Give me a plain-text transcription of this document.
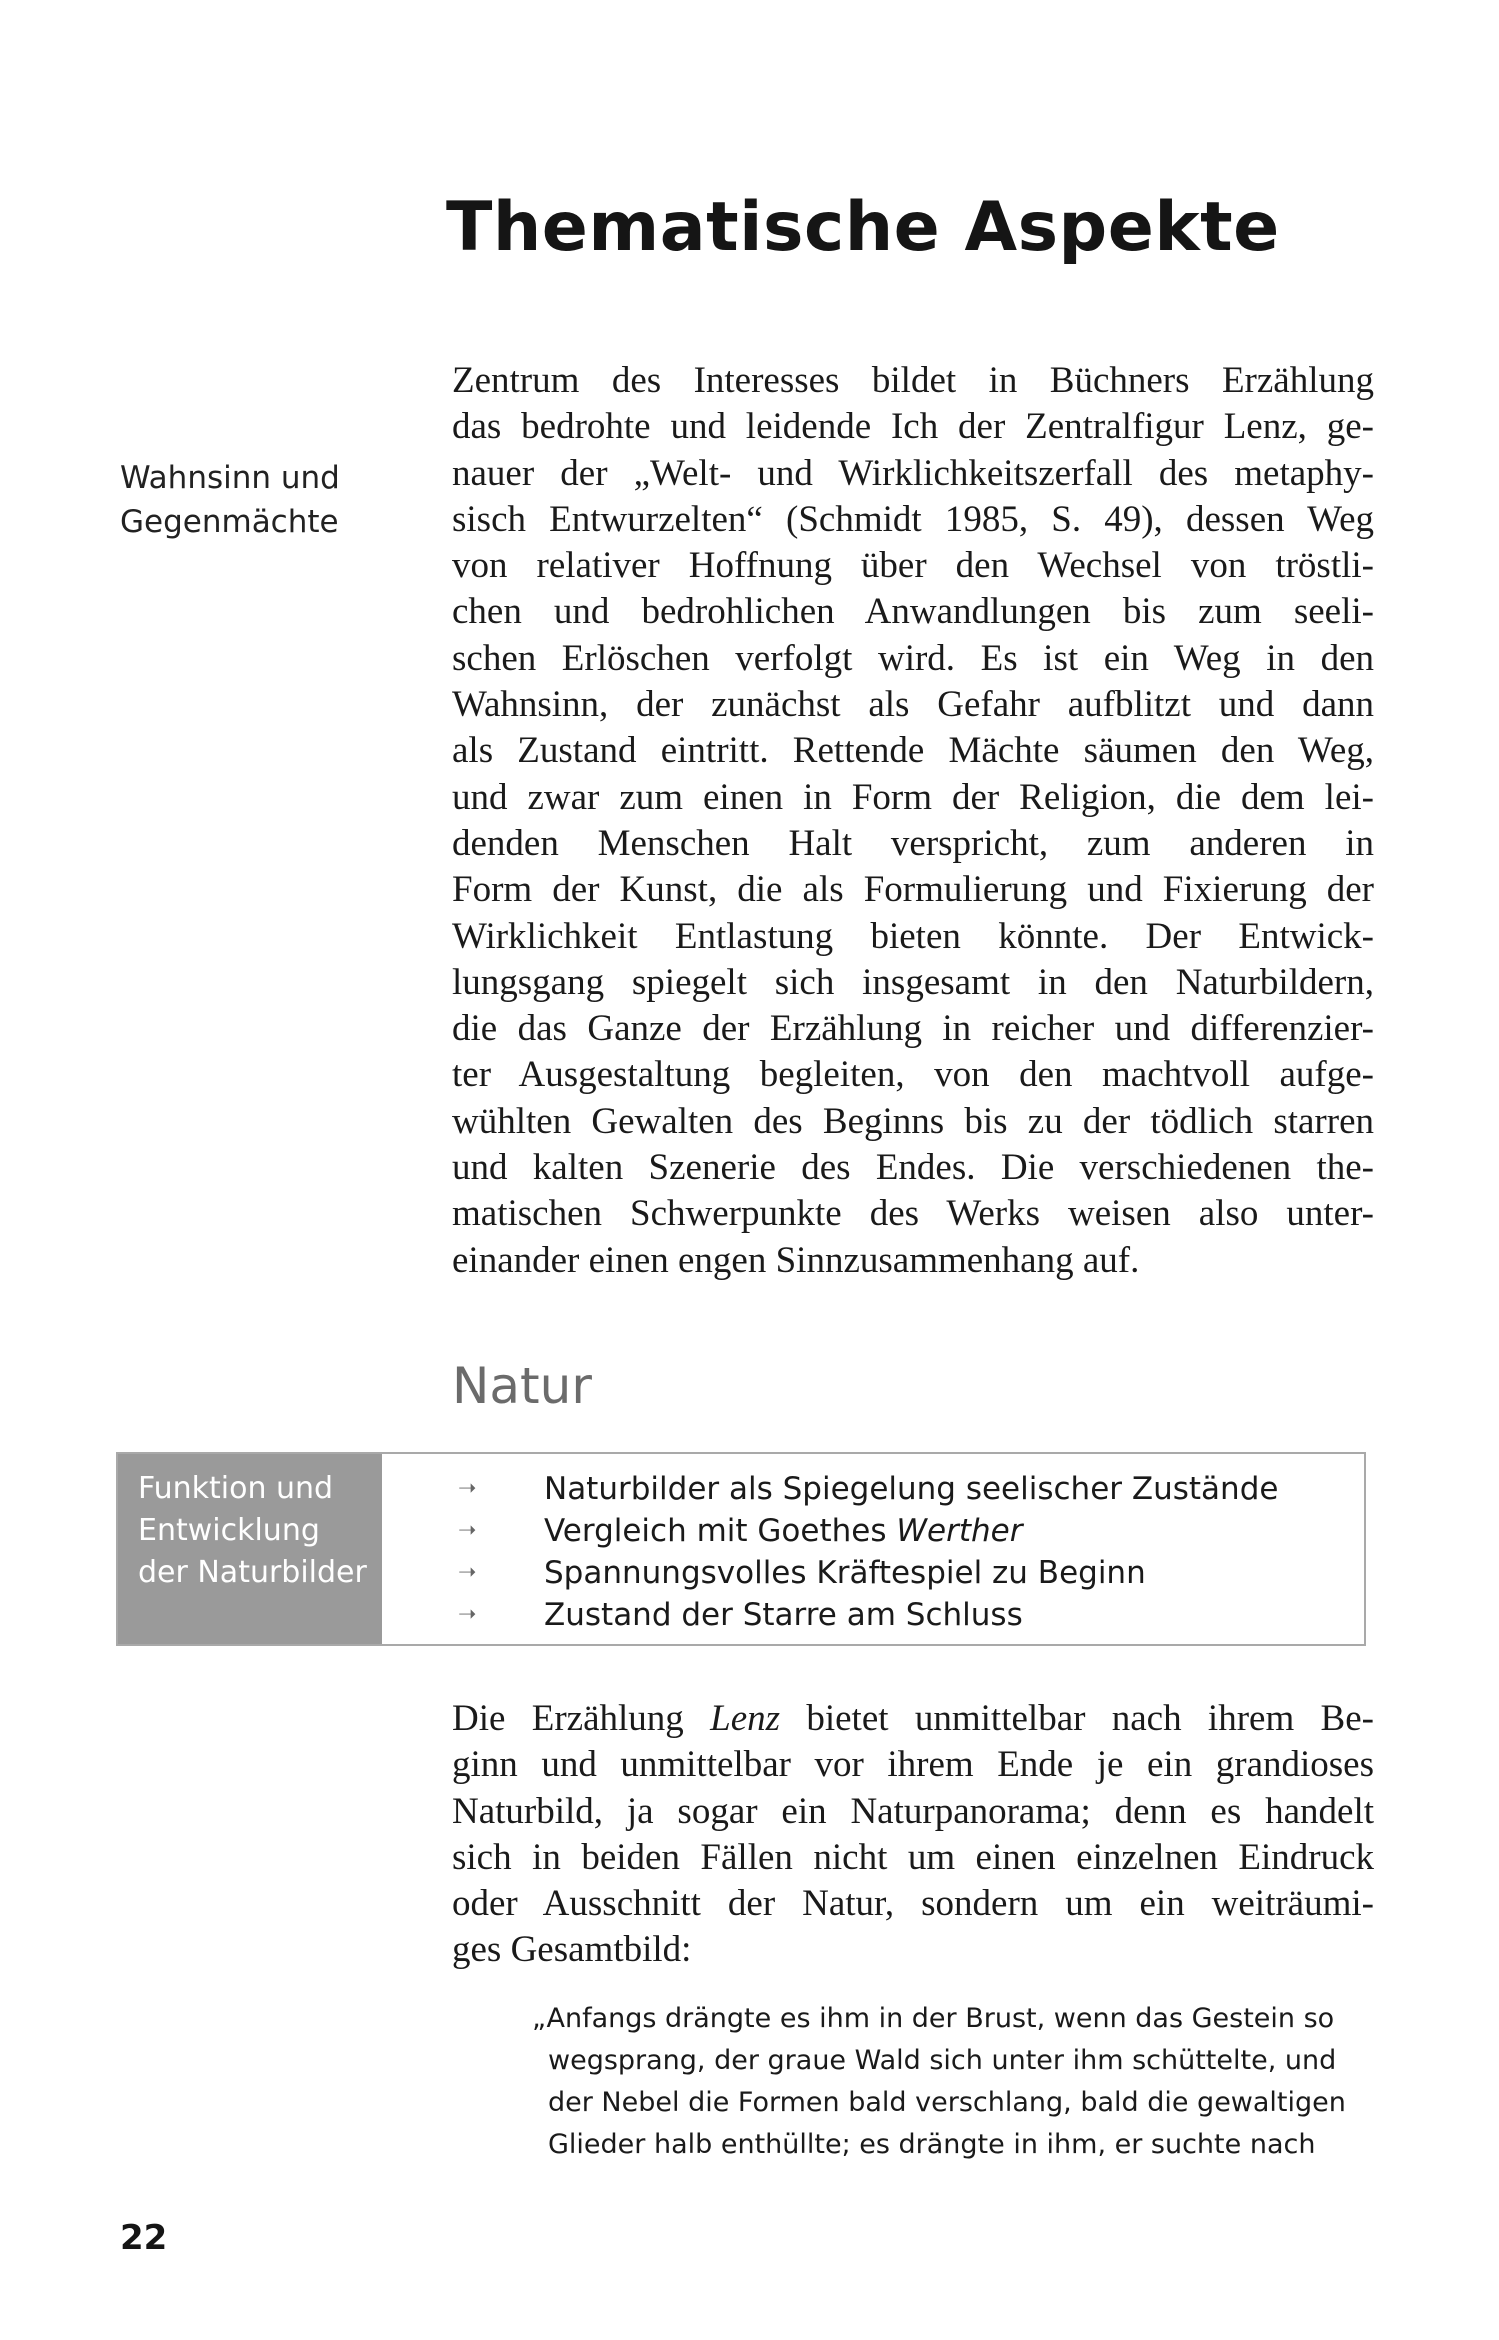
Thematische Aspekte
Wahnsinn und
Gegenmächte
Zentrum des Interesses bildet in Büchners Erzählung
das bedrohte und leidende Ich der Zentralfigur Lenz, ge-
nauer der „Welt- und Wirklichkeitszerfall des metaphy-
sisch Entwurzelten“ (Schmidt 1985, S. 49), dessen Weg
von relativer Hoffnung über den Wechsel von tröstli-
chen und bedrohlichen Anwandlungen bis zum seeli-
schen Erlöschen verfolgt wird. Es ist ein Weg in den
Wahnsinn, der zunächst als Gefahr aufblitzt und dann
als Zustand eintritt. Rettende Mächte säumen den Weg,
und zwar zum einen in Form der Religion, die dem lei-
denden Menschen Halt verspricht, zum anderen in
Form der Kunst, die als Formulierung und Fixierung der
Wirklichkeit Entlastung bieten könnte. Der Entwick-
lungsgang spiegelt sich insgesamt in den Naturbildern,
die das Ganze der Erzählung in reicher und differenzier-
ter Ausgestaltung begleiten, von den machtvoll aufge-
wühlten Gewalten des Beginns bis zu der tödlich starren
und kalten Szenerie des Endes. Die verschiedenen the-
matischen Schwerpunkte des Werks weisen also unter-
einander einen engen Sinnzusammenhang auf.
Natur
Funktion und
Entwicklung
der Naturbilder
➝	Naturbilder als Spiegelung seelischer Zustände
➝	Vergleich mit Goethes Werther
➝	Spannungsvolles Kräftespiel zu Beginn
➝	Zustand der Starre am Schluss
Die Erzählung Lenz bietet unmittelbar nach ihrem Be-
ginn und unmittelbar vor ihrem Ende je ein grandioses
Naturbild, ja sogar ein Naturpanorama; denn es handelt
sich in beiden Fällen nicht um einen einzelnen Eindruck
oder Ausschnitt der Natur, sondern um ein weiträumi-
ges Gesamtbild:
„Anfangs drängte es ihm in der Brust, wenn das Gestein so
wegsprang, der graue Wald sich unter ihm schüttelte, und
der Nebel die Formen bald verschlang, bald die gewaltigen
Glieder halb enthüllte; es drängte in ihm, er suchte nach
22
